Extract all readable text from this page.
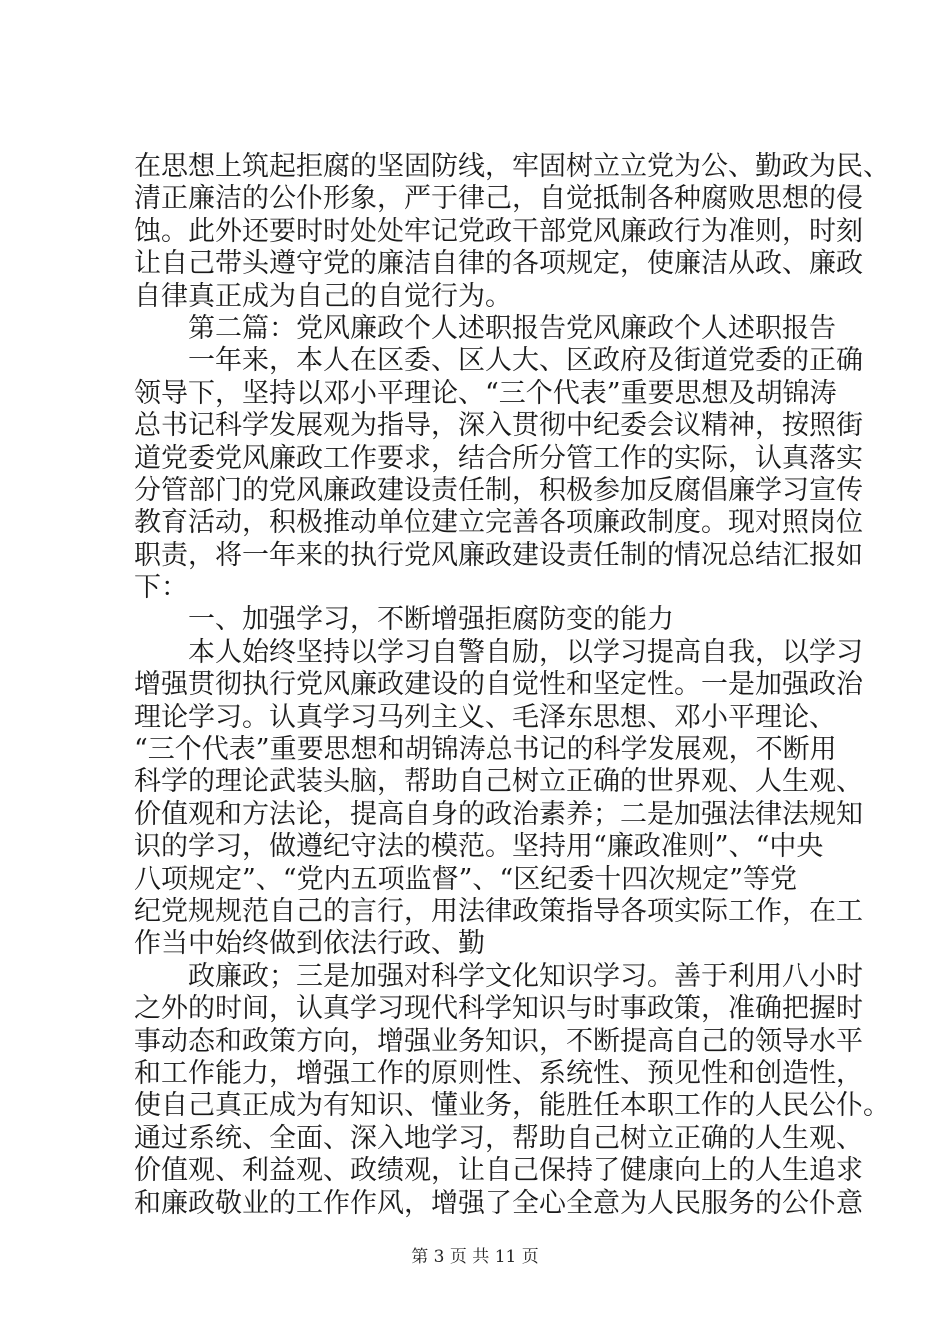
在思想上筑起拒腐的坚固防线，牢固树立立党为公、勤政为民、
清正廉洁的公仆形象，严于律己，自觉抵制各种腐败思想的侵
蚀。此外还要时时处处牢记党政干部党风廉政行为准则，时刻
让自己带头遵守党的廉洁自律的各项规定，使廉洁从政、廉政
自律真正成为自己的自觉行为。
　　第二篇：党风廉政个人述职报告党风廉政个人述职报告
　　一年来，本人在区委、区人大、区政府及街道党委的正确
领导下，坚持以邓小平理论、“三个代表”重要思想及胡锦涛
总书记科学发展观为指导，深入贯彻中纪委会议精神，按照街
道党委党风廉政工作要求，结合所分管工作的实际，认真落实
分管部门的党风廉政建设责任制，积极参加反腐倡廉学习宣传
教育活动，积极推动单位建立完善各项廉政制度。现对照岗位
职责，将一年来的执行党风廉政建设责任制的情况总结汇报如
下：
　　一、加强学习，不断增强拒腐防变的能力
　　本人始终坚持以学习自警自励，以学习提高自我，以学习
增强贯彻执行党风廉政建设的自觉性和坚定性。一是加强政治
理论学习。认真学习马列主义、毛泽东思想、邓小平理论、
“三个代表”重要思想和胡锦涛总书记的科学发展观，不断用
科学的理论武装头脑，帮助自己树立正确的世界观、人生观、
价值观和方法论，提高自身的政治素养；二是加强法律法规知
识的学习，做遵纪守法的模范。坚持用“廉政准则”、“中央
八项规定”、“党内五项监督”、“区纪委十四次规定”等党
纪党规规范自己的言行，用法律政策指导各项实际工作，在工
作当中始终做到依法行政、勤
　　政廉政；三是加强对科学文化知识学习。善于利用八小时
之外的时间，认真学习现代科学知识与时事政策，准确把握时
事动态和政策方向，增强业务知识，不断提高自己的领导水平
和工作能力，增强工作的原则性、系统性、预见性和创造性，
使自己真正成为有知识、懂业务，能胜任本职工作的人民公仆。
通过系统、全面、深入地学习，帮助自己树立正确的人生观、
价值观、利益观、政绩观，让自己保持了健康向上的人生追求
和廉政敬业的工作作风，增强了全心全意为人民服务的公仆意
第 3 页 共 11 页
